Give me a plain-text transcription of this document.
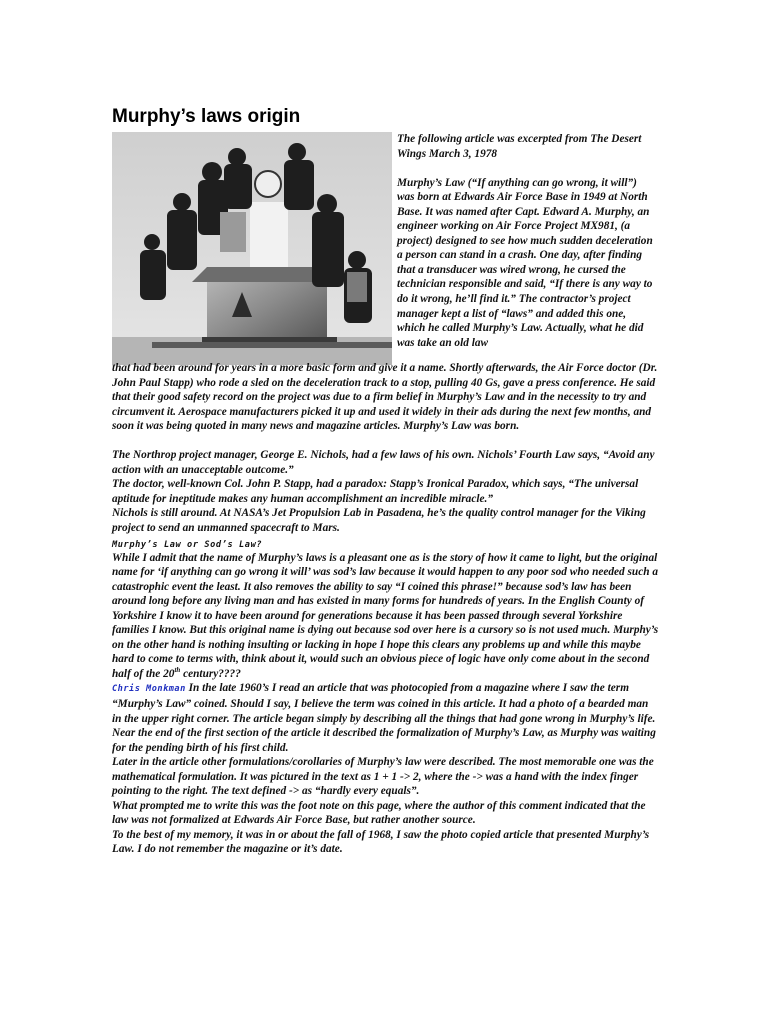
Murphy’s laws origin

The following article was excerpted from The Desert Wings March 3, 1978

Murphy’s Law (“If anything can go wrong, it will”) was born at Edwards Air Force Base in 1949 at North Base. It was named after Capt. Edward A. Murphy, an engineer working on Air Force Project MX981, (a project) designed to see how much sudden deceleration a person can stand in a crash. One day, after finding that a transducer was wired wrong, he cursed the technician responsible and said, “If there is any way to do it wrong, he’ll find it.” The contractor’s project manager kept a list of “laws” and added this one, which he called Murphy’s Law. Actually, what he did was take an old law

that had been around for years in a more basic form and give it a name. Shortly afterwards, the Air Force doctor (Dr. John Paul Stapp) who rode a sled on the deceleration track to a stop, pulling 40 Gs, gave a press conference. He said that their good safety record on the project was due to a firm belief in Murphy’s Law and in the necessity to try and circumvent it. Aerospace manufacturers picked it up and used it widely in their ads during the next few months, and soon it was being quoted in many news and magazine articles. Murphy’s Law was born.

The Northrop project manager, George E. Nichols, had a few laws of his own. Nichols’ Fourth Law says, “Avoid any action with an unacceptable outcome.”

The doctor, well-known Col. John P. Stapp, had a paradox: Stapp’s Ironical Paradox, which says, “The universal aptitude for ineptitude makes any human accomplishment an incredible miracle.”

Nichols is still around. At NASA’s Jet Propulsion Lab in Pasadena, he’s the quality control manager for the Viking project to send an unmanned spacecraft to Mars.

Murphy’s Law or Sod’s Law?

While I admit that the name of Murphy’s laws is a pleasant one as is the story of how it came to light, but the original name for ‘if anything can go wrong it will’ was sod’s law because it would happen to any poor sod who needed such a catastrophic event the least. It also removes the ability to say “I coined this phrase!” because sod’s law has been around long before any living man and has existed in many forms for hundreds of years. In the English County of Yorkshire I know it to have been around for generations because it has been passed through several Yorkshire families I know. But this original name is dying out because sod over here is a cursory so is not used much. Murphy’s on the other hand is nothing insulting or lacking in hope I hope this clears any problems up and while this maybe hard to come to terms with, think about it, would such an obvious piece of logic have only come about in the second half of the 20th century????

Chris Monkman In the late 1960’s I read an article that was photocopied from a magazine where I saw the term “Murphy’s Law” coined. Should I say, I believe the term was coined in this article. It had a photo of a bearded man in the upper right corner. The article began simply by describing all the things that had gone wrong in Murphy’s life. Near the end of the first section of the article it described the formalization of Murphy’s Law, as Murphy was waiting for the pending birth of his first child.

Later in the article other formulations/corollaries of Murphy’s law were described. The most memorable one was the mathematical formulation. It was pictured in the text as 1 + 1 -> 2, where the -> was a hand with the index finger pointing to the right. The text defined -> as “hardly every equals”.

What prompted me to write this was the foot note on this page, where the author of this comment indicated that the law was not formalized at Edwards Air Force Base, but rather another source.

To the best of my memory, it was in or about the fall of 1968, I saw the photo copied article that presented Murphy’s Law. I do not remember the magazine or it’s date.
